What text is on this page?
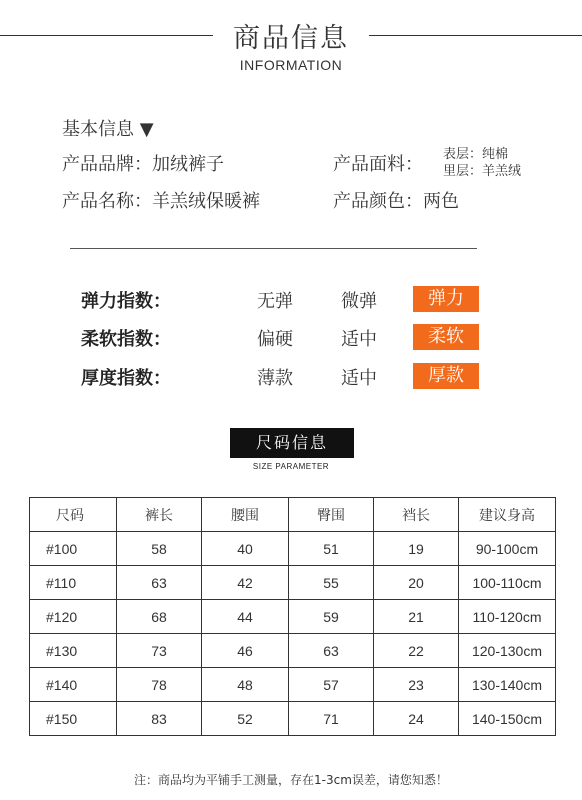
商品信息
INFORMATION
基本信息 ▼
产品品牌：加绒裤子	产品面料： 表层：纯棉
里层：羊羔绒
产品名称：羊羔绒保暖裤	产品颜色：两色
弹力指数：	无弹	微弹	弹力
柔软指数：	偏硬	适中	柔软
厚度指数：	薄款	适中	厚款
尺码信息
SIZE PARAMETER
尺码	裤长	腰围	臀围	裆长	建议身高
#100	58	40	51	19	90-100cm
#110	63	42	55	20	100-110cm
#120	68	44	59	21	110-120cm
#130	73	46	63	22	120-130cm
#140	78	48	57	23	130-140cm
#150	83	52	71	24	140-150cm
注：商品均为平铺手工测量，存在1-3cm误差，请您知悉！
